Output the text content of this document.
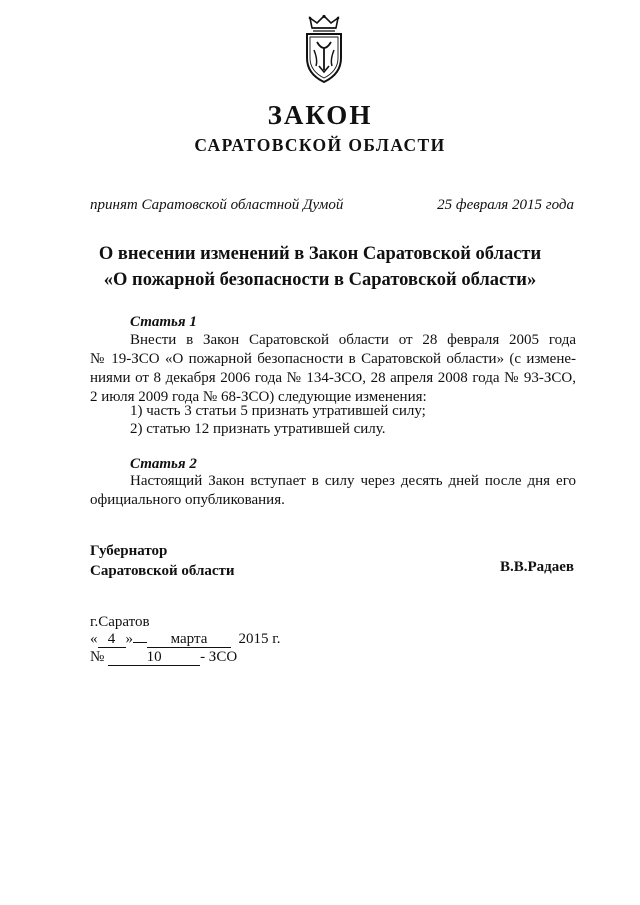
ЗАКОН
САРАТОВСКОЙ ОБЛАСТИ
принят Саратовской областной Думой	25 февраля 2015 года
О внесении изменений в Закон Саратовской области
«О пожарной безопасности в Саратовской области»
Статья 1
Внести в Закон Саратовской области от 28 февраля 2005 года
№ 19-ЗСО «О пожарной безопасности в Саратовской области» (с измене-
ниями от 8 декабря 2006 года № 134-ЗСО, 28 апреля 2008 года № 93-ЗСО,
2 июля 2009 года № 68-ЗСО) следующие изменения:
1) часть 3 статьи 5 признать утратившей силу;
2) статью 12 признать утратившей силу.
Статья 2
Настоящий Закон вступает в силу через десять дней после дня его
официального опубликования.
Губернатор
Саратовской области	В.В.Радаев
г.Саратов
« 4 »	марта 2015 г.
№	10	- ЗСО
